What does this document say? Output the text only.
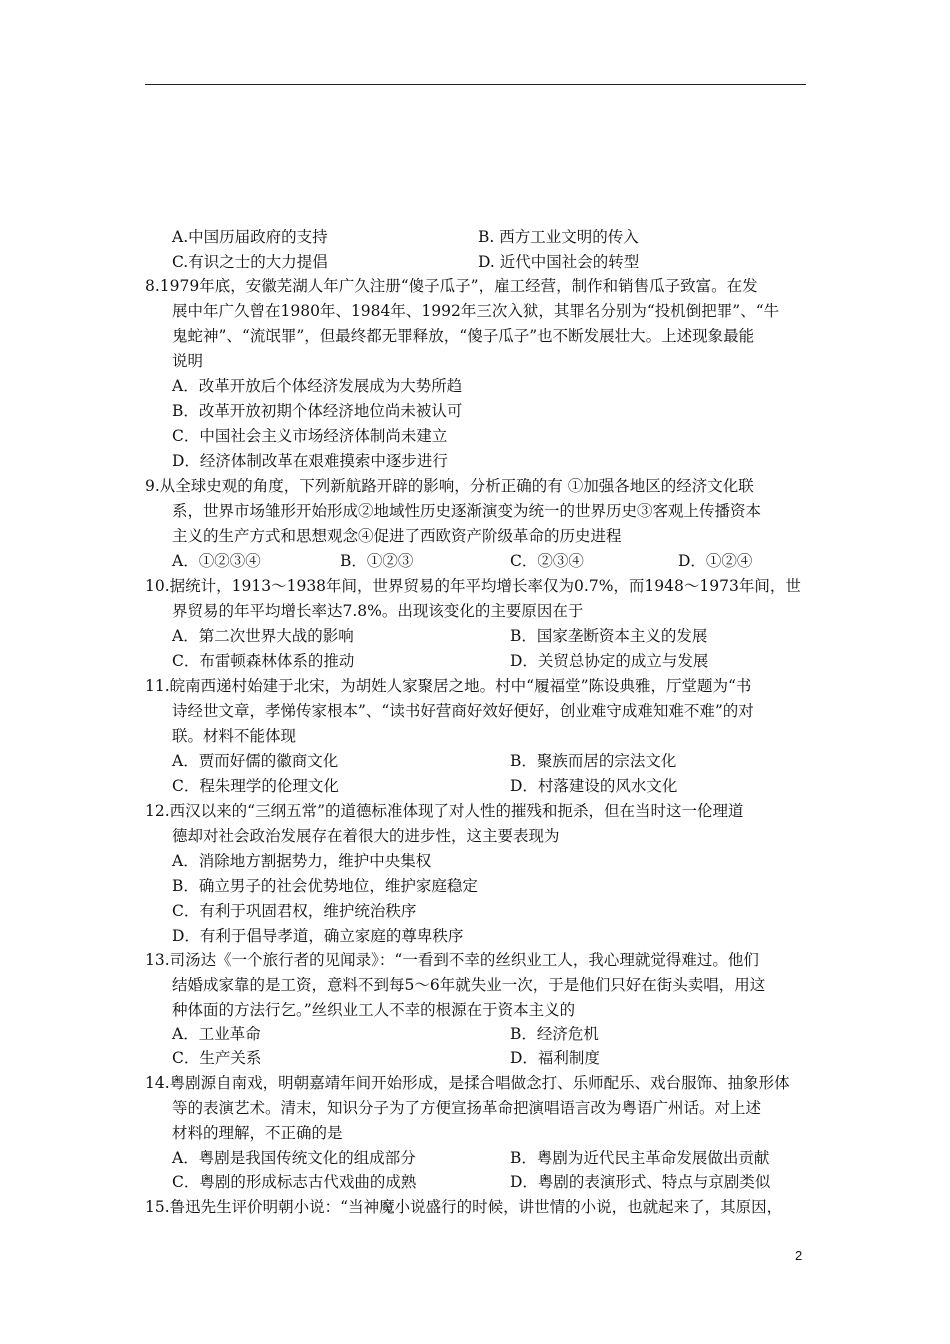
A.中国历届政府的支持	B. 西方工业文明的传入
C.有识之士的大力提倡	D. 近代中国社会的转型
8.1979年底，安徽芜湖人年广久注册“傻子瓜子”，雇工经营，制作和销售瓜子致富。在发
展中年广久曾在1980年、1984年、1992年三次入狱，其罪名分别为“投机倒把罪”、“牛
鬼蛇神”、“流氓罪”，但最终都无罪释放，“傻子瓜子”也不断发展壮大。上述现象最能
说明
A．改革开放后个体经济发展成为大势所趋
B．改革开放初期个体经济地位尚未被认可
C．中国社会主义市场经济体制尚未建立
D．经济体制改革在艰难摸索中逐步进行
9.从全球史观的角度，下列新航路开辟的影响，分析正确的有 ①加强各地区的经济文化联
系，世界市场雏形开始形成②地域性历史逐渐演变为统一的世界历史③客观上传播资本
主义的生产方式和思想观念④促进了西欧资产阶级革命的历史进程
A．①②③④	B．①②③	C．②③④	D．①②④
10.据统计，1913～1938年间，世界贸易的年平均增长率仅为0.7%，而1948～1973年间，世
界贸易的年平均增长率达7.8%。出现该变化的主要原因在于
A．第二次世界大战的影响	B．国家垄断资本主义的发展
C．布雷顿森林体系的推动	D．关贸总协定的成立与发展
11.皖南西递村始建于北宋，为胡姓人家聚居之地。村中“履福堂”陈设典雅，厅堂题为“书
诗经世文章，孝悌传家根本”、“读书好营商好效好便好，创业难守成难知难不难”的对
联。材料不能体现
A．贾而好儒的徽商文化	B．聚族而居的宗法文化
C．程朱理学的伦理文化	D．村落建设的风水文化
12.西汉以来的“三纲五常”的道德标准体现了对人性的摧残和扼杀，但在当时这一伦理道
德却对社会政治发展存在着很大的进步性，这主要表现为
A．消除地方割据势力，维护中央集权
B．确立男子的社会优势地位，维护家庭稳定
C．有利于巩固君权，维护统治秩序
D．有利于倡导孝道，确立家庭的尊卑秩序
13.司汤达《一个旅行者的见闻录》：“一看到不幸的丝织业工人，我心理就觉得难过。他们
结婚成家靠的是工资，意料不到每5～6年就失业一次，于是他们只好在街头卖唱，用这
种体面的方法行乞。”丝织业工人不幸的根源在于资本主义的
A．工业革命	B．经济危机
C．生产关系	D．福利制度
14.粤剧源自南戏，明朝嘉靖年间开始形成，是揉合唱做念打、乐师配乐、戏台服饰、抽象形体
等的表演艺术。清末，知识分子为了方便宣扬革命把演唱语言改为粤语广州话。对上述
材料的理解，不正确的是
A．粤剧是我国传统文化的组成部分	B．粤剧为近代民主革命发展做出贡献
C．粤剧的形成标志古代戏曲的成熟	D．粤剧的表演形式、特点与京剧类似
15.鲁迅先生评价明朝小说：“当神魔小说盛行的时候，讲世情的小说，也就起来了，其原因，
2
